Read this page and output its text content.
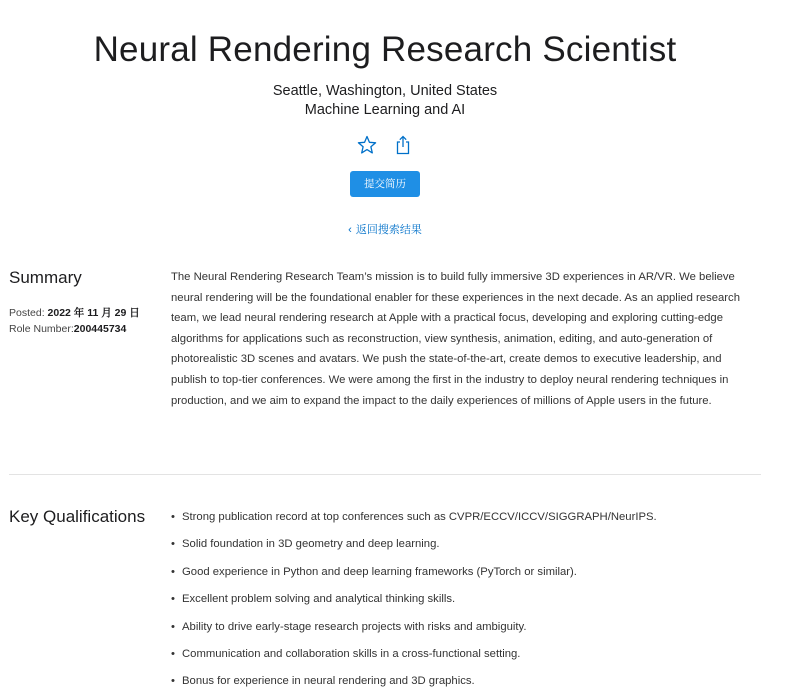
Neural Rendering Research Scientist
Seattle, Washington, United States
Machine Learning and AI
提交简历
‹ 返回搜索结果
Summary
Posted: 2022 年 11 月 29 日
Role Number:200445734
The Neural Rendering Research Team’s mission is to build fully immersive 3D experiences in AR/VR. We believe neural rendering will be the foundational enabler for these experiences in the next decade. As an applied research team, we lead neural rendering research at Apple with a practical focus, developing and exploring cutting-edge algorithms for applications such as reconstruction, view synthesis, animation, editing, and auto-generation of photorealistic 3D scenes and avatars. We push the state-of-the-art, create demos to executive leadership, and publish to top-tier conferences. We were among the first in the industry to deploy neural rendering techniques in production, and we aim to expand the impact to the daily experiences of millions of Apple users in the future.
Key Qualifications • Strong publication record at top conferences such as CVPR/ECCV/ICCV/SIGGRAPH/NeurIPS.
• Solid foundation in 3D geometry and deep learning.
• Good experience in Python and deep learning frameworks (PyTorch or similar).
• Excellent problem solving and analytical thinking skills.
• Ability to drive early-stage research projects with risks and ambiguity.
• Communication and collaboration skills in a cross-functional setting.
• Bonus for experience in neural rendering and 3D graphics.
